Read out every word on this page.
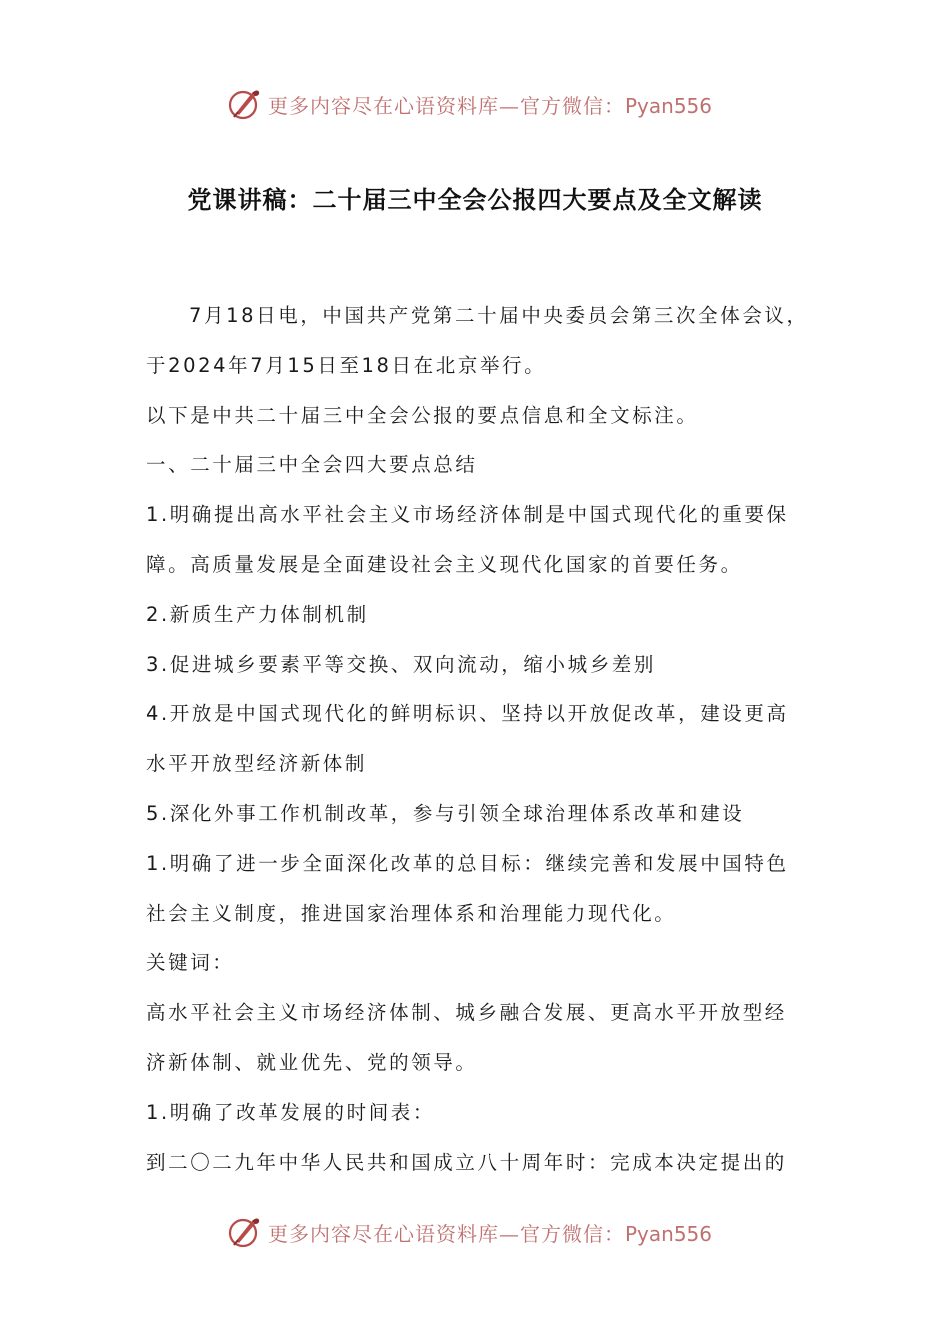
更多内容尽在心语资料库—官方微信：Pyan556
党课讲稿：二十届三中全会公报四大要点及全文解读
7月18日电，中国共产党第二十届中央委员会第三次全体会议，
于2024年7月15日至18日在北京举行。
以下是中共二十届三中全会公报的要点信息和全文标注。
一、二十届三中全会四大要点总结
1.明确提出高水平社会主义市场经济体制是中国式现代化的重要保
障。高质量发展是全面建设社会主义现代化国家的首要任务。
2.新质生产力体制机制
3.促进城乡要素平等交换、双向流动，缩小城乡差别
4.开放是中国式现代化的鲜明标识、坚持以开放促改革，建设更高
水平开放型经济新体制
5.深化外事工作机制改革，参与引领全球治理体系改革和建设
1.明确了进一步全面深化改革的总目标：继续完善和发展中国特色
社会主义制度，推进国家治理体系和治理能力现代化。
关键词：
高水平社会主义市场经济体制、城乡融合发展、更高水平开放型经
济新体制、就业优先、党的领导。
1.明确了改革发展的时间表：
到二〇二九年中华人民共和国成立八十周年时：完成本决定提出的
更多内容尽在心语资料库—官方微信：Pyan556
